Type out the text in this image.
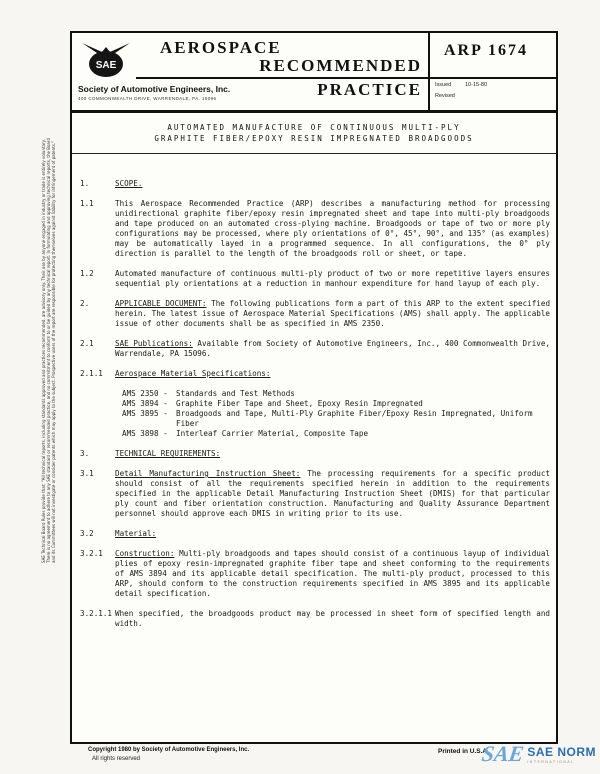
SAE Technical Board Rules provide that: "All technical reports, including standards approved and practices recommended, are advisory only. Their use by anyone engaged in industry or trade is entirely voluntary. There is no agreement to adhere to any SAE standard or recommended practice, and no commitment to conform to or be guided by any technical report. In formulating and approving technical reports, the Board and its Committees will not investigate or consider patents which may apply to the subject. Prospective users of the report are responsible for protecting themselves against liability for infringement of patents."
SAE
AEROSPACE
RECOMMENDED
PRACTICE
Society of Automotive Engineers, Inc.
400 COMMONWEALTH DRIVE, WARRENDALE, PA. 15096
ARP 1674
Issued	10-15-80
Revised
AUTOMATED MANUFACTURE OF CONTINUOUS MULTI-PLY
GRAPHITE FIBER/EPOXY RESIN IMPREGNATED BROADGOODS
1.	SCOPE.
1.1	This Aerospace Recommended Practice (ARP) describes a manufacturing method for processing unidirectional graphite fiber/epoxy resin impregnated sheet and tape into multi-ply broadgoods and tape produced on an automated cross-plying machine. Broadgoods or tape of two or more ply configurations may be processed, where ply orientations of 0°, 45°, 90°, and 135° (as examples) may be automatically layed in a programmed sequence. In all configurations, the 0° ply direction is parallel to the length of the broadgoods roll or sheet, or tape.
1.2	Automated manufacture of continuous multi-ply product of two or more repetitive layers ensures sequential ply orientations at a reduction in manhour expenditure for hand layup of each ply.
2.	APPLICABLE DOCUMENT: The following publications form a part of this ARP to the extent specified herein. The latest issue of Aerospace Material Specifications (AMS) shall apply. The applicable issue of other documents shall be as specified in AMS 2350.
2.1	SAE Publications: Available from Society of Automotive Engineers, Inc., 400 Commonwealth Drive, Warrendale, PA 15096.
2.1.1	Aerospace Material Specifications:
AMS 2350 -	Standards and Test Methods
AMS 3894 -	Graphite Fiber Tape and Sheet, Epoxy Resin Impregnated
AMS 3895 -	Broadgoods and Tape, Multi-Ply Graphite Fiber/Epoxy Resin Impregnated, Uniform Fiber
AMS 3898 -	Interleaf Carrier Material, Composite Tape
3.	TECHNICAL REQUIREMENTS:
3.1	Detail Manufacturing Instruction Sheet: The processing requirements for a specific product should consist of all the requirements specified herein in addition to the requirements specified in the applicable Detail Manufacturing Instruction Sheet (DMIS) for that particular ply count and fiber orientation construction. Manufacturing and Quality Assurance Department personnel should approve each DMIS in writing prior to its use.
3.2	Material:
3.2.1	Construction: Multi-ply broadgoods and tapes should consist of a continuous layup of individual plies of epoxy resin-impregnated graphite fiber tape and sheet conforming to the requirements of AMS 3894 and its applicable detail specification. The multi-ply product, processed to this ARP, should conform to the construction requirements specified in AMS 3895 and its applicable detail specification.
3.2.1.1 When specified, the broadgoods product may be processed in sheet form of specified length and width.
Copyright 1980 by Society of Automotive Engineers, Inc.
All rights reserved
Printed in U.S.A.
SAE SAE NORM
INTERNATIONAL
